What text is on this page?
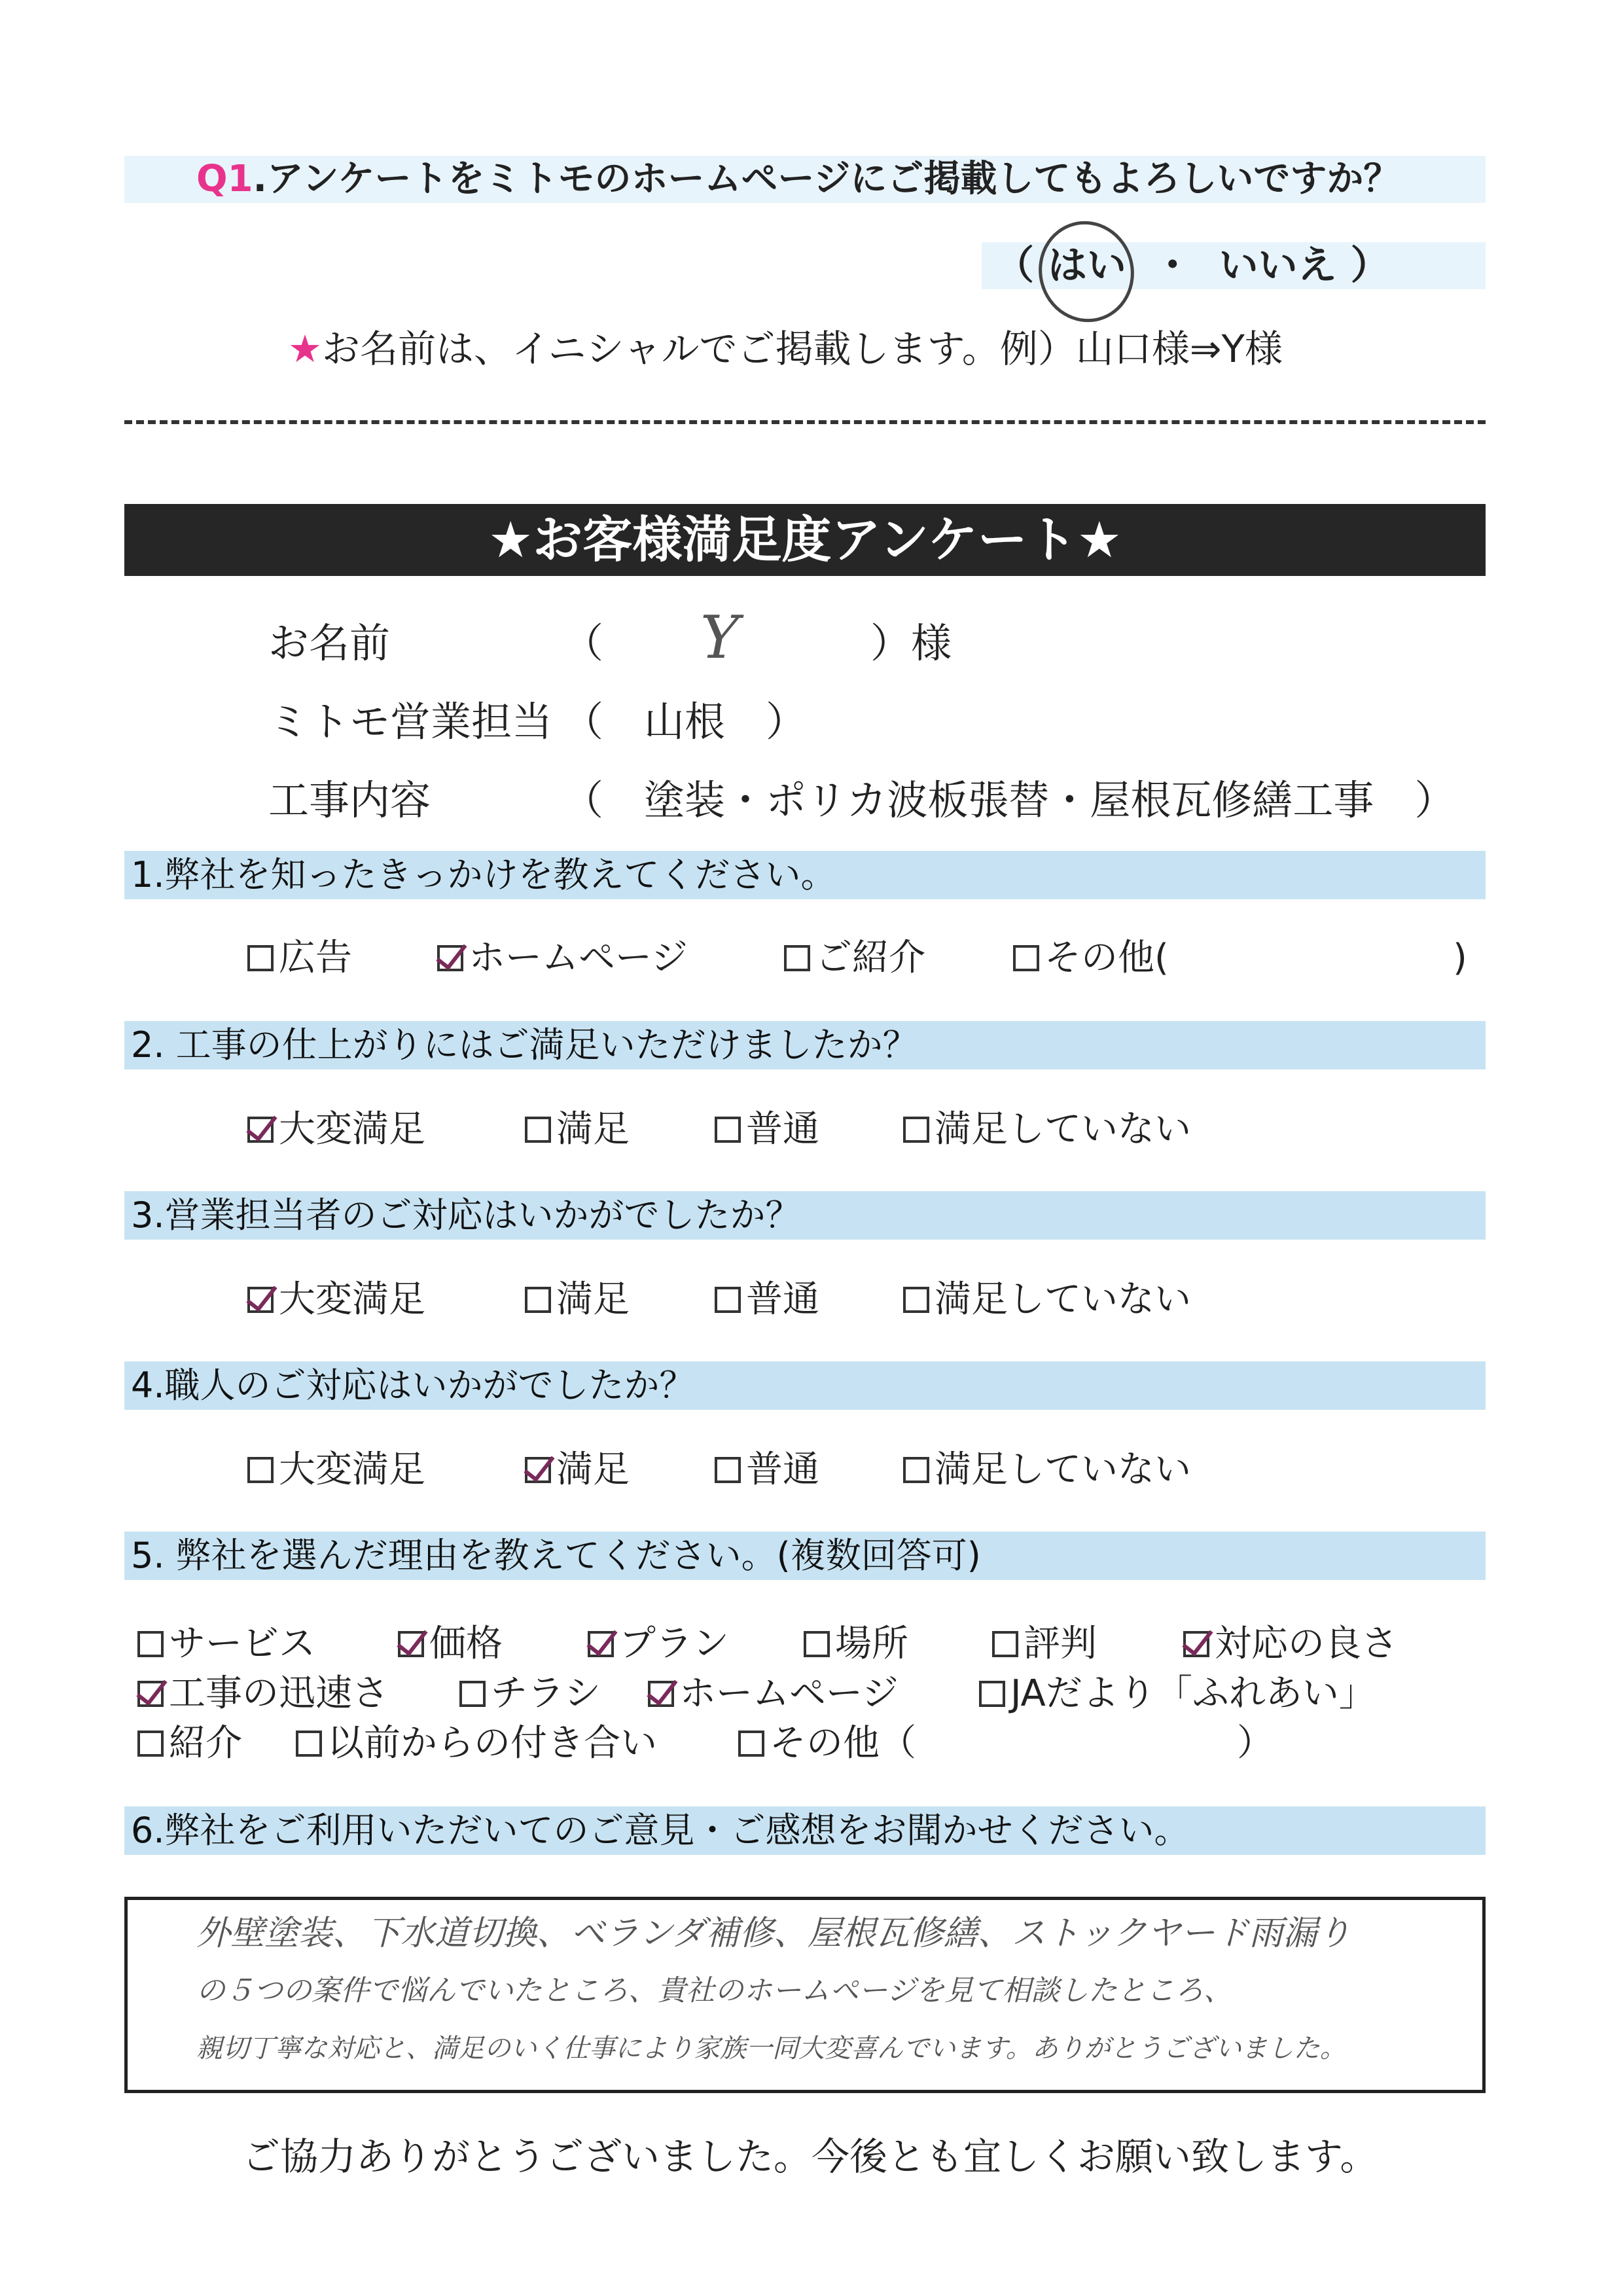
Q1.アンケートをミトモのホームページにご掲載してもよろしいですか？
（ はい ・ いいえ ）
★お名前は、イニシャルでご掲載します。例）山口様⇒Y様
★お客様満足度アンケート★
お名前	（ Y	）様
ミトモ営業担当 （　山根　）
工事内容	（　塗装・ポリカ波板張替・屋根瓦修繕工事　）
1.弊社を知ったきっかけを教えてください。
広告	ホームページ	ご紹介	その他(	)
2. 工事の仕上がりにはご満足いただけましたか？
大変満足	満足	普通	満足していない
3.営業担当者のご対応はいかがでしたか？
大変満足	満足	普通	満足していない
4.職人のご対応はいかがでしたか？
大変満足	満足	普通	満足していない
5. 弊社を選んだ理由を教えてください。(複数回答可)
サービス	価格	プラン	場所	評判	対応の良さ
工事の迅速さ	チラシ ホームページ	JAだより「ふれあい」
紹介 以前からの付き合い	その他（	）
6.弊社をご利用いただいてのご意見・ご感想をお聞かせください。
外壁塗装、下水道切換、ベランダ補修、屋根瓦修繕、ストックヤード雨漏り
の５つの案件で悩んでいたところ、貴社のホームページを見て相談したところ、
親切丁寧な対応と、満足のいく仕事により家族一同大変喜んでいます。ありがとうございました。
ご協力ありがとうございました。今後とも宜しくお願い致します。
